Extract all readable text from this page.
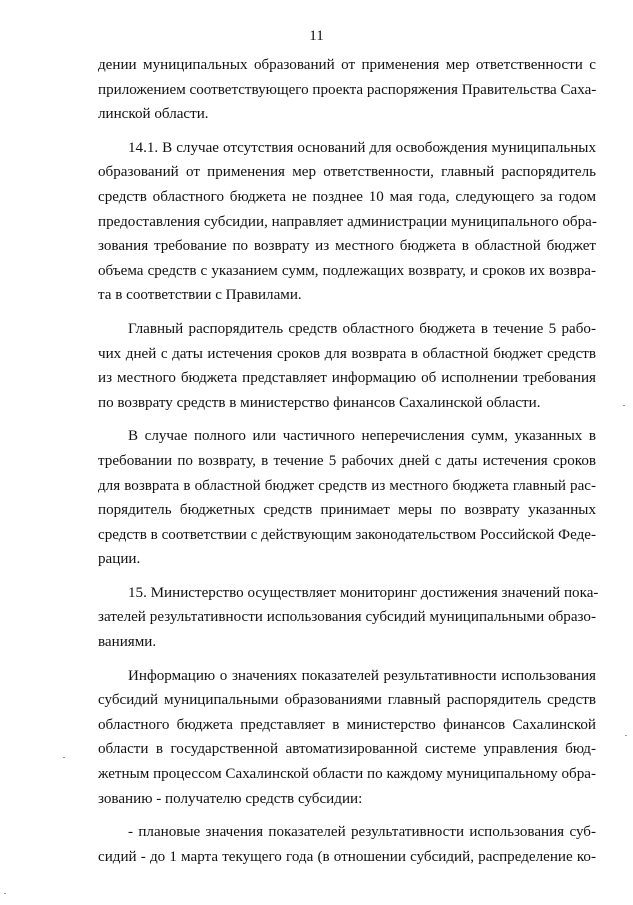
11

дении муниципальных образований от применения мер ответственности с
приложением соответствующего проекта распоряжения Правительства Саха-
линской области.

14.1. В случае отсутствия оснований для освобождения муниципальных
образований от применения мер ответственности, главный распорядитель
средств областного бюджета не позднее 10 мая года, следующего за годом
предоставления субсидии, направляет администрации муниципального обра-
зования требование по возврату из местного бюджета в областной бюджет
объема средств с указанием сумм, подлежащих возврату, и сроков их возвра-
та в соответствии с Правилами.

Главный распорядитель средств областного бюджета в течение 5 рабо-
чих дней с даты истечения сроков для возврата в областной бюджет средств
из местного бюджета представляет информацию об исполнении требования
по возврату средств в министерство финансов Сахалинской области.

В случае полного или частичного неперечисления сумм, указанных в
требовании по возврату, в течение 5 рабочих дней с даты истечения сроков
для возврата в областной бюджет средств из местного бюджета главный рас-
порядитель бюджетных средств принимает меры по возврату указанных
средств в соответствии с действующим законодательством Российской Феде-
рации.

15. Министерство осуществляет мониторинг достижения значений пока-
зателей результативности использования субсидий муниципальными образо-
ваниями.

Информацию о значениях показателей результативности использования
субсидий муниципальными образованиями главный распорядитель средств
областного бюджета представляет в министерство финансов Сахалинской
области в государственной автоматизированной системе управления бюд-
жетным процессом Сахалинской области по каждому муниципальному обра-
зованию - получателю средств субсидии:

- плановые значения показателей результативности использования суб-
сидий - до 1 марта текущего года (в отношении субсидий, распределение ко-
